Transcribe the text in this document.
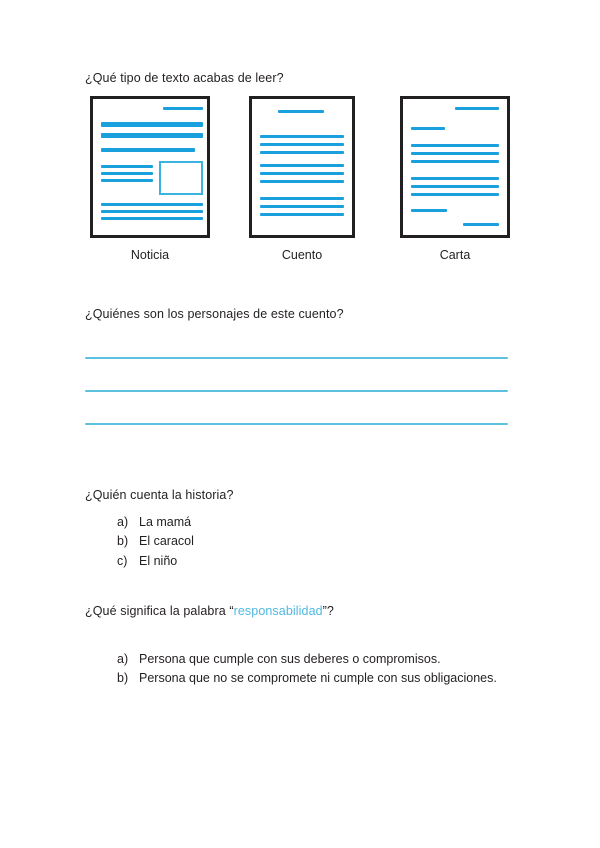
¿Qué tipo de texto acabas de leer?
Noticia	Cuento	Carta
¿Quiénes son los personajes de este cuento?
¿Quién cuenta la historia?
a) La mamá
b) El caracol
c) El niño
¿Qué significa la palabra “responsabilidad”?
a) Persona que cumple con sus deberes o compromisos.
b) Persona que no se compromete ni cumple con sus obligaciones.
